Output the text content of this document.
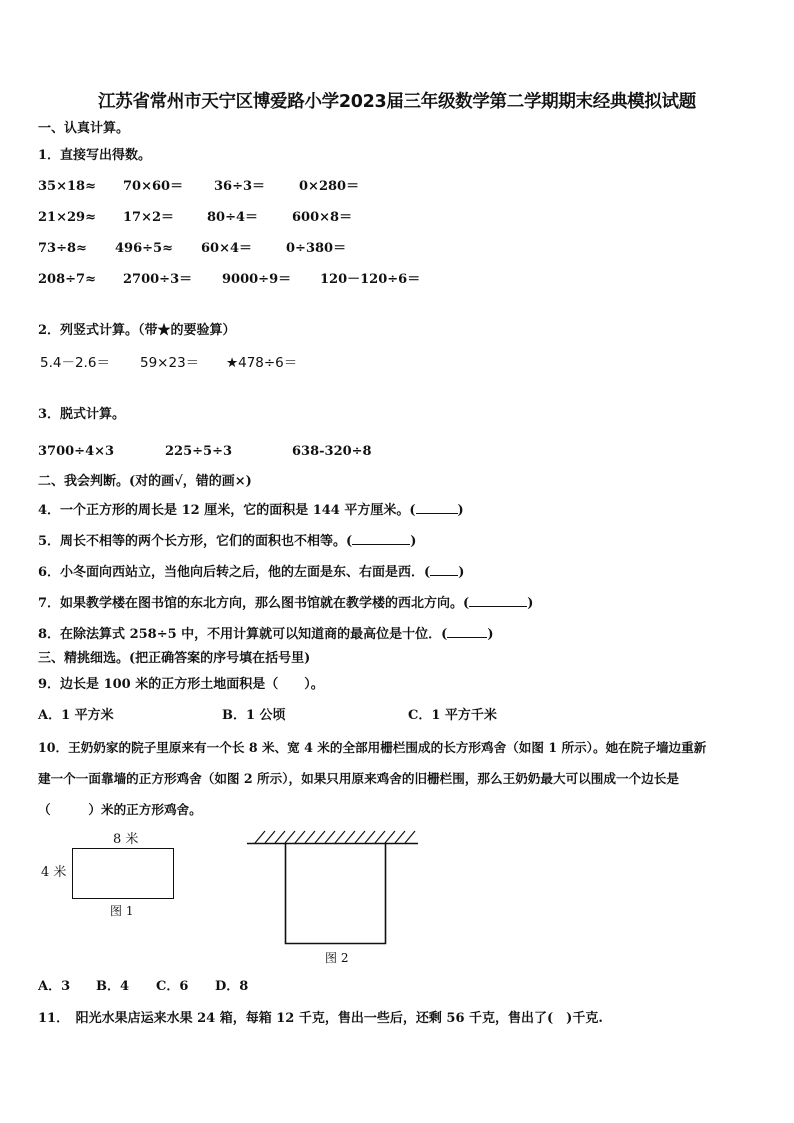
江苏省常州市天宁区博爱路小学2023届三年级数学第二学期期末经典模拟试题
一、认真计算。
1．直接写出得数。
35×18≈ 70×60＝ 36÷3＝	0×280＝
21×29≈ 17×2＝	80÷4＝	600×8＝
73÷8≈ 496÷5≈ 60×4＝	0÷380＝
208÷7≈ 2700÷3＝ 9000÷9＝ 120－120÷6＝
2．列竖式计算。（带★的要验算）
5.4－2.6＝ 59×23＝ ★478÷6＝
3．脱式计算。
3700÷4×3	225÷5÷3	638-320÷8
二、我会判断。(对的画√，错的画×)
4．一个正方形的周长是 12 厘米，它的面积是 144 平方厘米。(	)
5．周长不相等的两个长方形，它们的面积也不相等。(	)
6．小冬面向西站立，当他向后转之后，他的左面是东、右面是西．( )
7．如果教学楼在图书馆的东北方向，那么图书馆就在教学楼的西北方向。(	)
8．在除法算式 258÷5 中，不用计算就可以知道商的最高位是十位．(	)
三、精挑细选。(把正确答案的序号填在括号里)
9．边长是 100 米的正方形土地面积是（　　）。
A．1 平方米	B．1 公顷	C．1 平方千米
10．王奶奶家的院子里原来有一个长 8 米、宽 4 米的全部用栅栏围成的长方形鸡舍（如图 1 所示）。她在院子墙边重新
建一个一面靠墙的正方形鸡舍（如图 2 所示），如果只用原来鸡舍的旧栅栏围，那么王奶奶最大可以围成一个边长是
（　　　）米的正方形鸡舍。
8 米
4 米
图 1
图 2
A．3 B．4 C．6 D．8
11．　阳光水果店运来水果 24 箱，每箱 12 千克，售出一些后，还剩 56 千克，售出了(　)千克.
